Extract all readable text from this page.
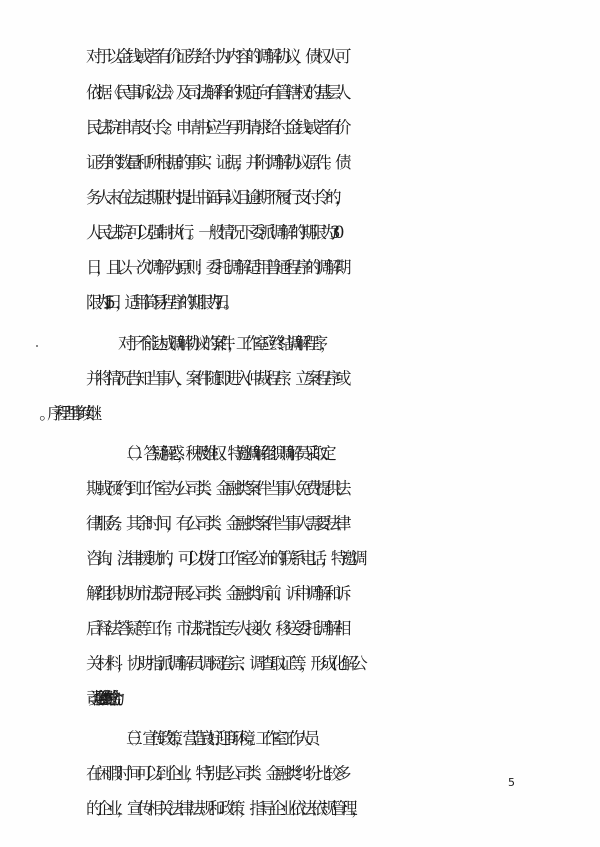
对于以金钱或者有价证券给付为内容的调解协议，债权人可
依据《民事诉讼法》及司法解释的规定向有管辖权的基层人
民法院申请支付令。申请书应当写明请求给付金钱或者有价
证券的数量和所根据的事实、证据，并附调解协议原件。债
务人未在法定期限内提出书面异议且逾期不履行支付令的，
人民法院可以强制执行。一般情况下委派调解的期限为 30
日，且以一次调解为原则；委托调解适用普通程序的调解期
限为 15 日，适用简易程序的期限为 7 日。
对于不能达成调解协议的案件，工作室应终结调解程序，
并将情况告知当事人，案件随即进入仲裁程序、立案程序或
（二）答疑解惑，积极维权。特邀调解组织调解员采取定
期或预约到工作室为公司类、金融类案件当事人免费提供法
律服务。其余时间，有公司类、金融类案件当事人需要法律
咨询、法律援助的，可以拨打工作室公布的联系电话，特邀调
解组织协助市法院开展公司类、金融类诉前、诉中调解和诉
后释法答疑等工作；市法院指定专人接收、移送委托调解相
关材料，协助指派调解员调阅卷宗、调查取证等，形成化解公
司类、金融类纠纷的合力。
（三）宣传政策，营造良好迎商环境。工作室工作人员
在闲暇时间可以到企业，特别是公司类、金融类纠纷比较多
的企业，宣传相关法律法规和政策，指导企业依法依规管理，
5
